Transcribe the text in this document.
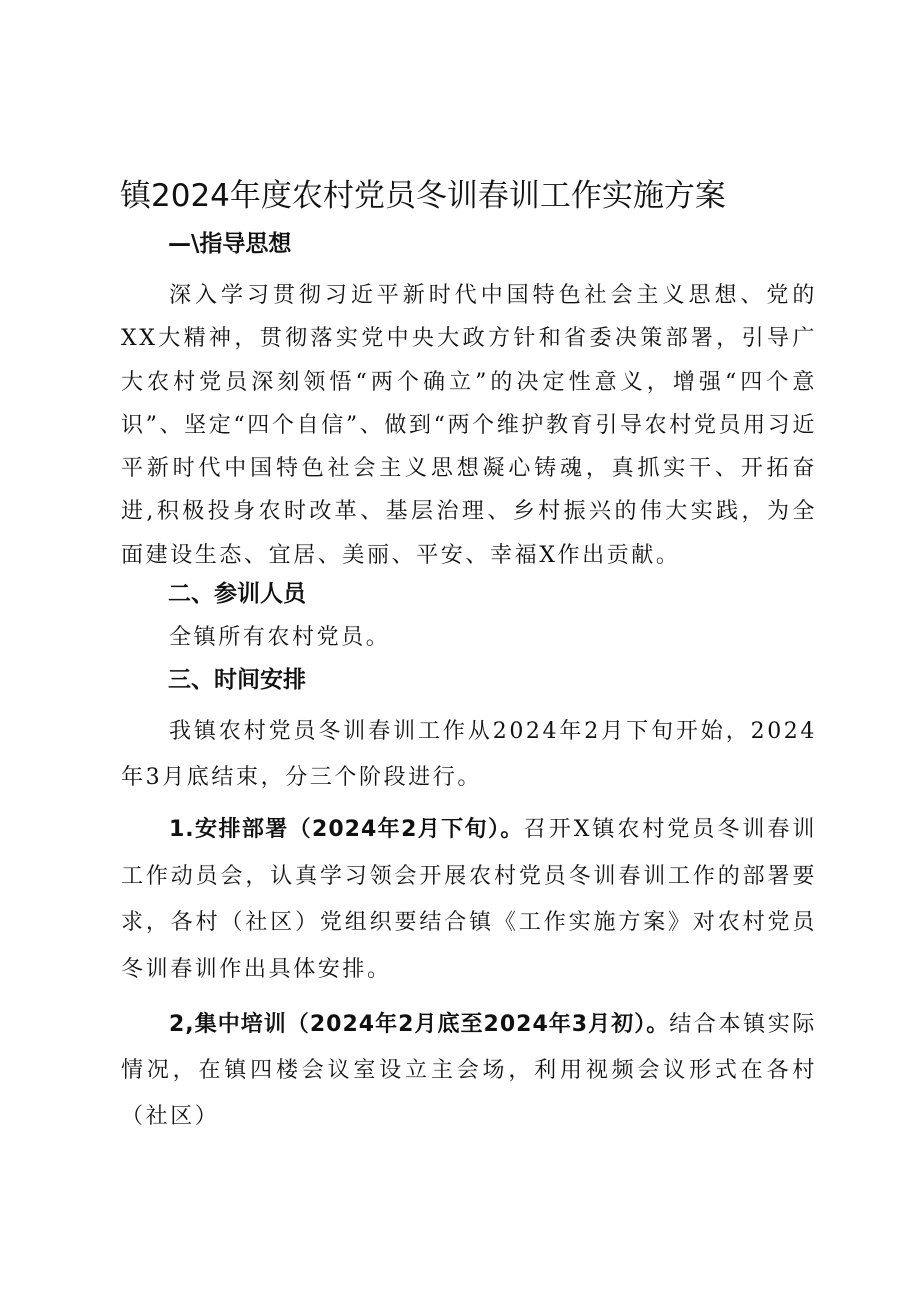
镇2024年度农村党员冬训春训工作实施方案
—\指导思想

深入学习贯彻习近平新时代中国特色社会主义思想、党的XX大精神，贯彻落实党中央大政方针和省委决策部署，引导广大农村党员深刻领悟“两个确立”的决定性意义，增强“四个意识”、坚定“四个自信”、做到“两个维护教育引导农村党员用习近平新时代中国特色社会主义思想凝心铸魂，真抓实干、开拓奋进,积极投身农时改革、基层治理、乡村振兴的伟大实践，为全面建设生态、宜居、美丽、平安、幸福X作出贡献。

二、参训人员

全镇所有农村党员。

三、时间安排

我镇农村党员冬训春训工作从2024年2月下旬开始，2024年3月底结束，分三个阶段进行。

1.安排部署（2024年2月下旬）。召开X镇农村党员冬训春训工作动员会，认真学习领会开展农村党员冬训春训工作的部署要求，各村（社区）党组织要结合镇《工作实施方案》对农村党员冬训春训作出具体安排。

2,集中培训（2024年2月底至2024年3月初）。结合本镇实际情况，在镇四楼会议室设立主会场，利用视频会议形式在各村（社区）
